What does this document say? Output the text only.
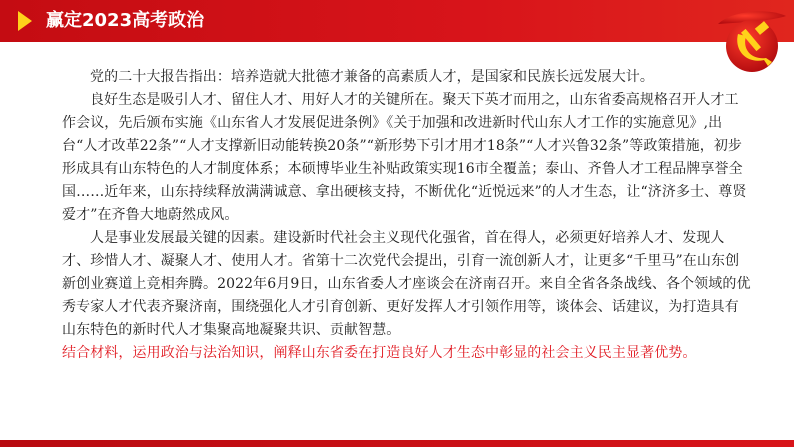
赢定2023高考政治

党的二十大报告指出：培养造就大批德才兼备的高素质人才，是国家和民族长远发展大计。

良好生态是吸引人才、留住人才、用好人才的关键所在。聚天下英才而用之，山东省委高规格召开人才工作会议，先后颁布实施《山东省人才发展促进条例》《关于加强和改进新时代山东人才工作的实施意见》,出台“人才改革22条”“人才支撑新旧动能转换20条”“新形势下引才用才18条”“人才兴鲁32条”等政策措施，初步形成具有山东特色的人才制度体系；本硕博毕业生补贴政策实现16市全覆盖；泰山、齐鲁人才工程品牌享誉全国……近年来，山东持续释放满满诚意、拿出硬核支持，不断优化“近悦远来”的人才生态，让“济济多士、尊贤爱才”在齐鲁大地蔚然成风。

人是事业发展最关键的因素。建设新时代社会主义现代化强省，首在得人，必须更好培养人才、发现人才、珍惜人才、凝聚人才、使用人才。省第十二次党代会提出，引育一流创新人才，让更多“千里马”在山东创新创业赛道上竞相奔腾。2022年6月9日，山东省委人才座谈会在济南召开。来自全省各条战线、各个领域的优秀专家人才代表齐聚济南，围绕强化人才引育创新、更好发挥人才引领作用等，谈体会、话建议，为打造具有山东特色的新时代人才集聚高地凝聚共识、贡献智慧。

结合材料，运用政治与法治知识，阐释山东省委在打造良好人才生态中彰显的社会主义民主显著优势。
